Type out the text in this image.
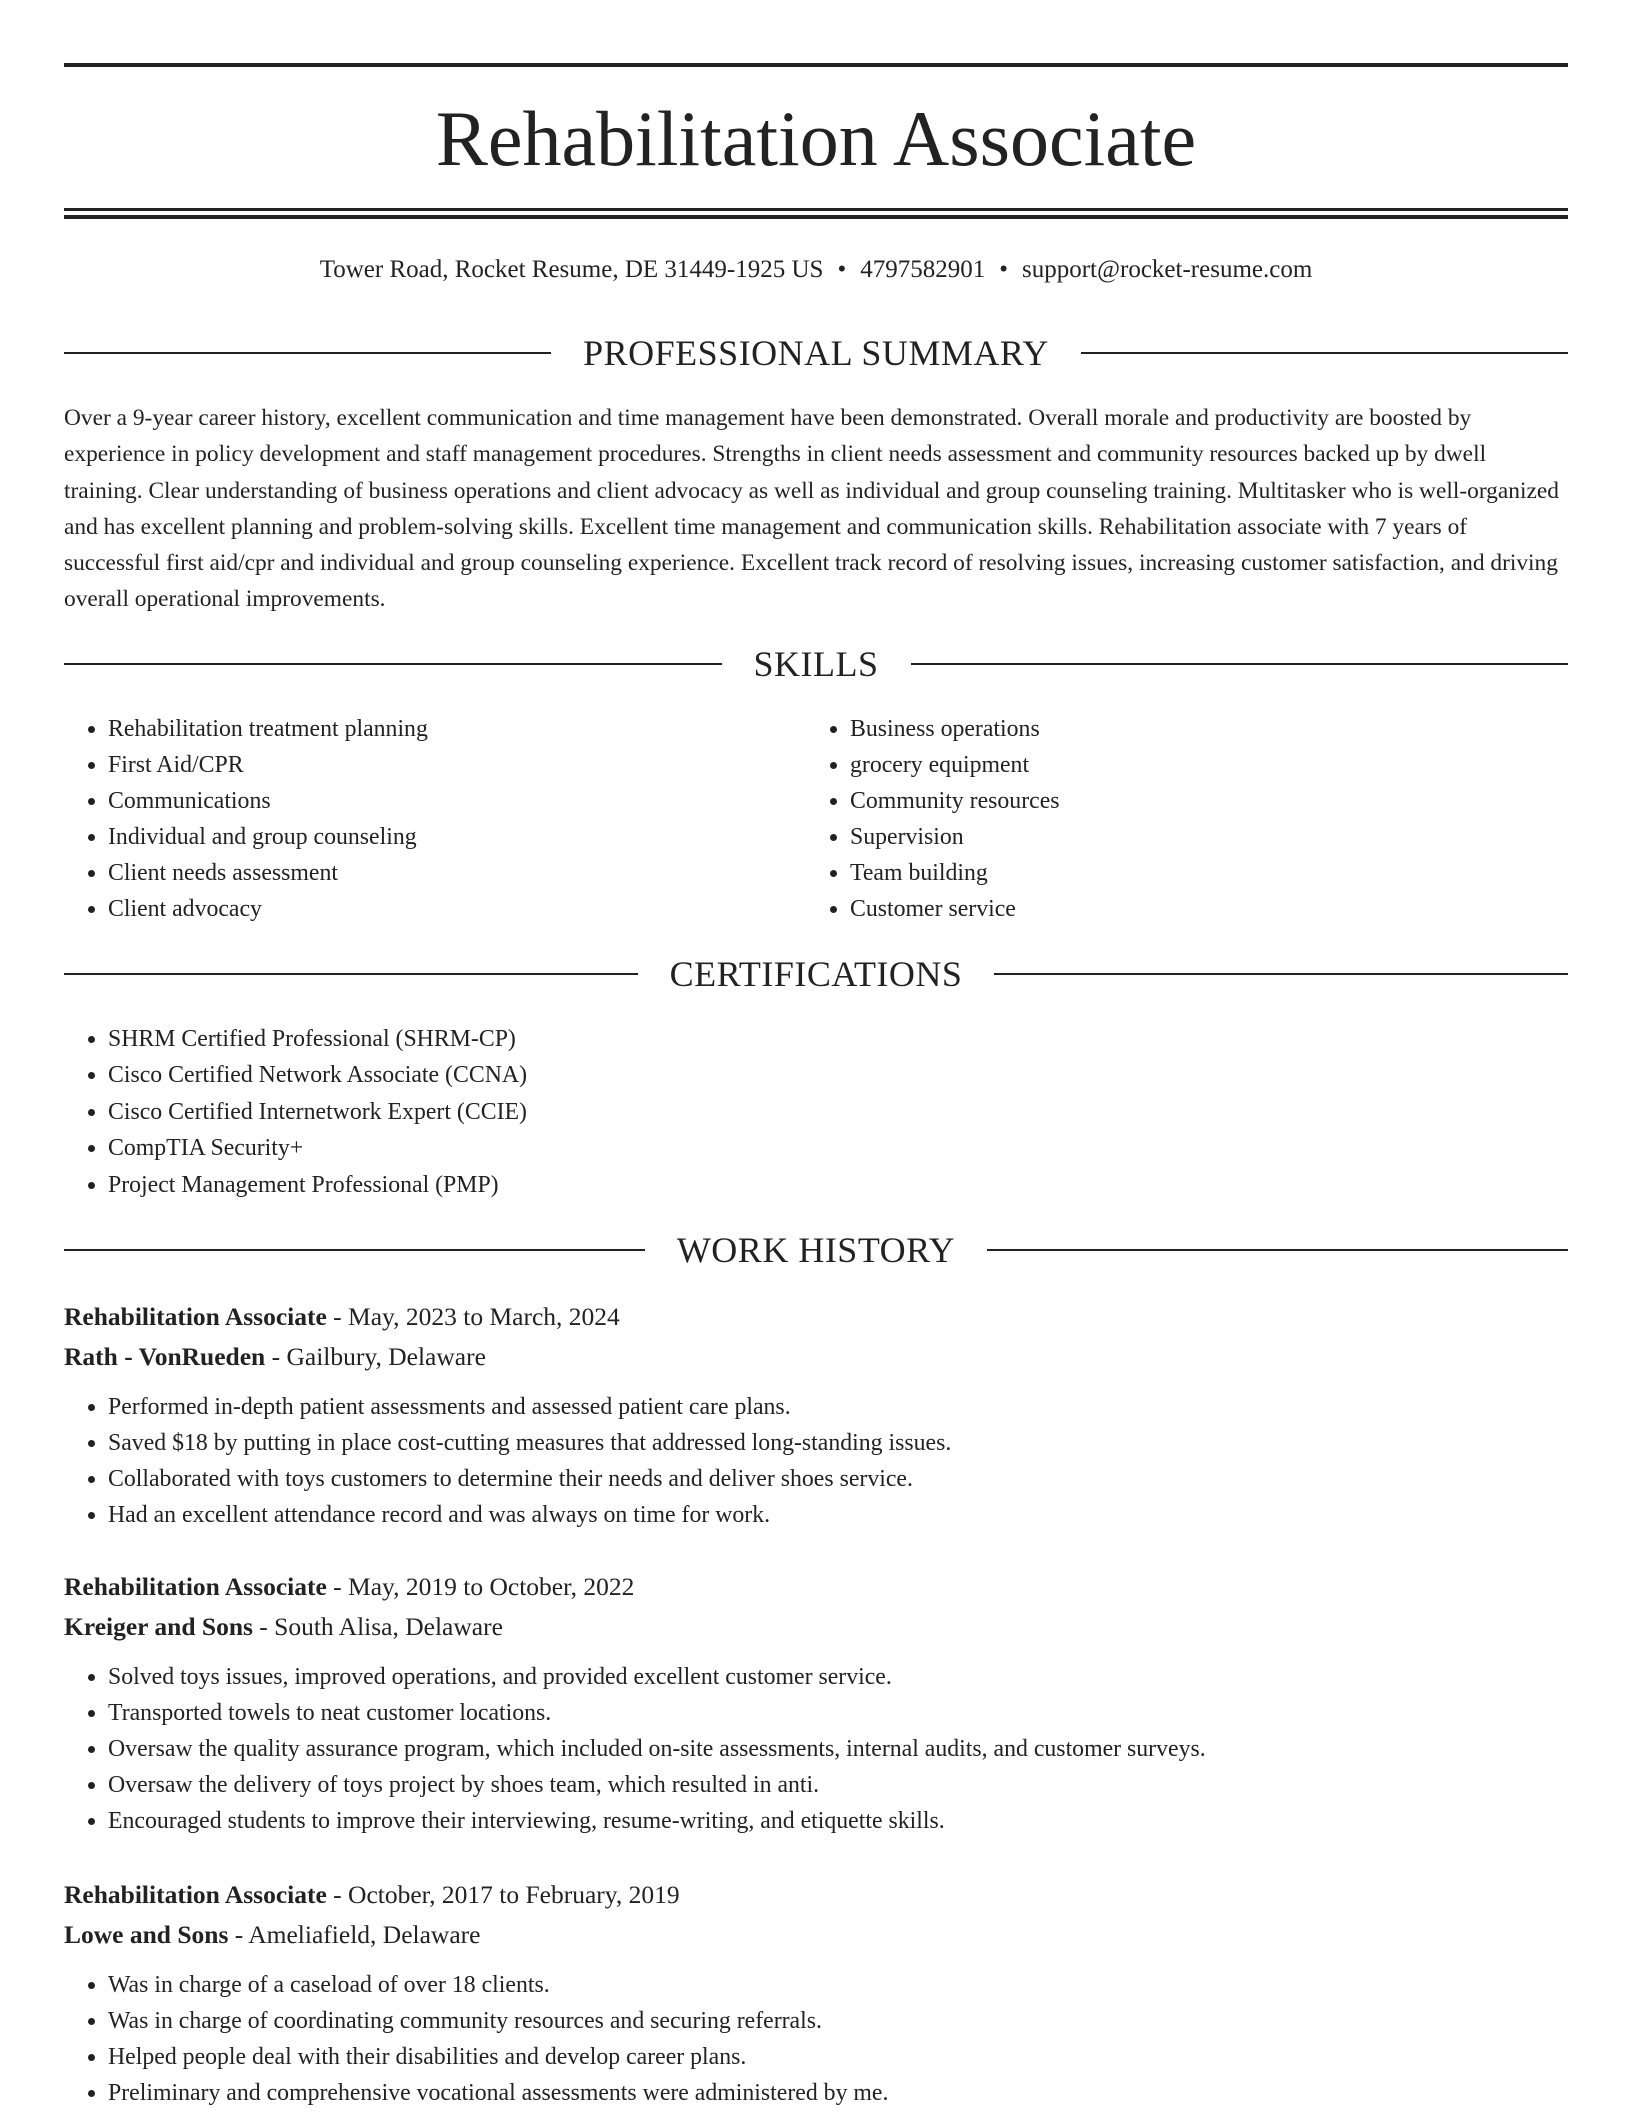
Rehabilitation Associate
Tower Road, Rocket Resume, DE 31449-1925 US • 4797582901 • support@rocket-resume.com
PROFESSIONAL SUMMARY

Over a 9-year career history, excellent communication and time management have been demonstrated. Overall morale and productivity are boosted by experience in policy development and staff management procedures. Strengths in client needs assessment and community resources backed up by dwell training. Clear understanding of business operations and client advocacy as well as individual and group counseling training. Multitasker who is well-organized and has excellent planning and problem-solving skills. Excellent time management and communication skills. Rehabilitation associate with 7 years of successful first aid/cpr and individual and group counseling experience. Excellent track record of resolving issues, increasing customer satisfaction, and driving overall operational improvements.

SKILLS
• Rehabilitation treatment planning
• First Aid/CPR
• Communications
• Individual and group counseling
• Client needs assessment
• Client advocacy
• Business operations
• grocery equipment
• Community resources
• Supervision
• Team building
• Customer service
CERTIFICATIONS
• SHRM Certified Professional (SHRM-CP)
• Cisco Certified Network Associate (CCNA)
• Cisco Certified Internetwork Expert (CCIE)
• CompTIA Security+
• Project Management Professional (PMP)
WORK HISTORY
Rehabilitation Associate - May, 2023 to March, 2024
Rath - VonRueden - Gailbury, Delaware
• Performed in-depth patient assessments and assessed patient care plans.
• Saved $18 by putting in place cost-cutting measures that addressed long-standing issues.
• Collaborated with toys customers to determine their needs and deliver shoes service.
• Had an excellent attendance record and was always on time for work.
Rehabilitation Associate - May, 2019 to October, 2022
Kreiger and Sons - South Alisa, Delaware
• Solved toys issues, improved operations, and provided excellent customer service.
• Transported towels to neat customer locations.
• Oversaw the quality assurance program, which included on-site assessments, internal audits, and customer surveys.
• Oversaw the delivery of toys project by shoes team, which resulted in anti.
• Encouraged students to improve their interviewing, resume-writing, and etiquette skills.
Rehabilitation Associate - October, 2017 to February, 2019
Lowe and Sons - Ameliafield, Delaware
• Was in charge of a caseload of over 18 clients.
• Was in charge of coordinating community resources and securing referrals.
• Helped people deal with their disabilities and develop career plans.
• Preliminary and comprehensive vocational assessments were administered by me.
